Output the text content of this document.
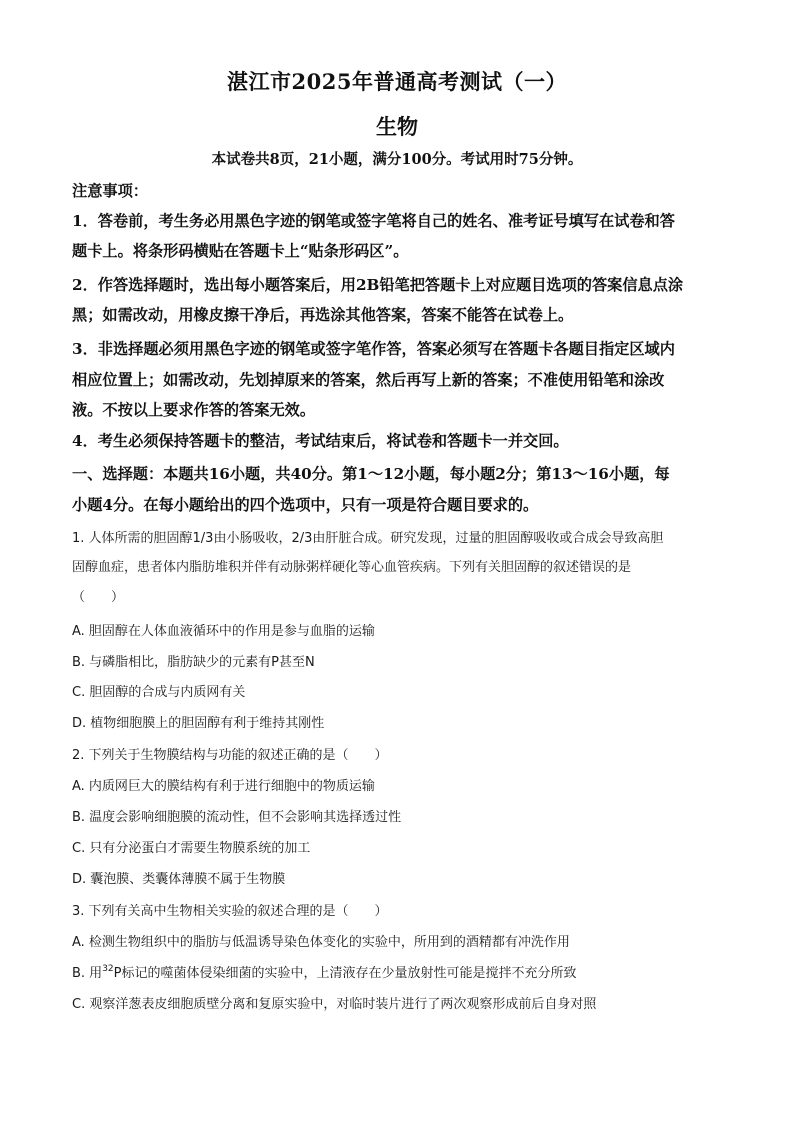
湛江市2025年普通高考测试（一）
生物
本试卷共8页，21小题，满分100分。考试用时75分钟。
注意事项：
1．答卷前，考生务必用黑色字迹的钢笔或签字笔将自己的姓名、准考证号填写在试卷和答
题卡上。将条形码横贴在答题卡上“贴条形码区”。
2．作答选择题时，选出每小题答案后，用2B铅笔把答题卡上对应题目选项的答案信息点涂
黑；如需改动，用橡皮擦干净后，再选涂其他答案，答案不能答在试卷上。
3．非选择题必须用黑色字迹的钢笔或签字笔作答，答案必须写在答题卡各题目指定区域内
相应位置上；如需改动，先划掉原来的答案，然后再写上新的答案；不准使用铅笔和涂改
液。不按以上要求作答的答案无效。
4．考生必须保持答题卡的整洁，考试结束后，将试卷和答题卡一并交回。
一、选择题：本题共16小题，共40分。第1～12小题，每小题2分；第13～16小题，每
小题4分。在每小题给出的四个选项中，只有一项是符合题目要求的。
1. 人体所需的胆固醇1/3由小肠吸收，2/3由肝脏合成。研究发现，过量的胆固醇吸收或合成会导致高胆
固醇血症，患者体内脂肪堆积并伴有动脉粥样硬化等心血管疾病。下列有关胆固醇的叙述错误的是
（　　）
A. 胆固醇在人体血液循环中的作用是参与血脂的运输
B. 与磷脂相比，脂肪缺少的元素有P甚至N
C. 胆固醇的合成与内质网有关
D. 植物细胞膜上的胆固醇有利于维持其刚性
2. 下列关于生物膜结构与功能的叙述正确的是（　　）
A. 内质网巨大的膜结构有利于进行细胞中的物质运输
B. 温度会影响细胞膜的流动性，但不会影响其选择透过性
C. 只有分泌蛋白才需要生物膜系统的加工
D. 囊泡膜、类囊体薄膜不属于生物膜
3. 下列有关高中生物相关实验的叙述合理的是（　　）
A. 检测生物组织中的脂肪与低温诱导染色体变化的实验中，所用到的酒精都有冲洗作用
B. 用$^{32}$P标记的噬菌体侵染细菌的实验中，上清液存在少量放射性可能是搅拌不充分所致
C. 观察洋葱表皮细胞质壁分离和复原实验中，对临时装片进行了两次观察形成前后自身对照
